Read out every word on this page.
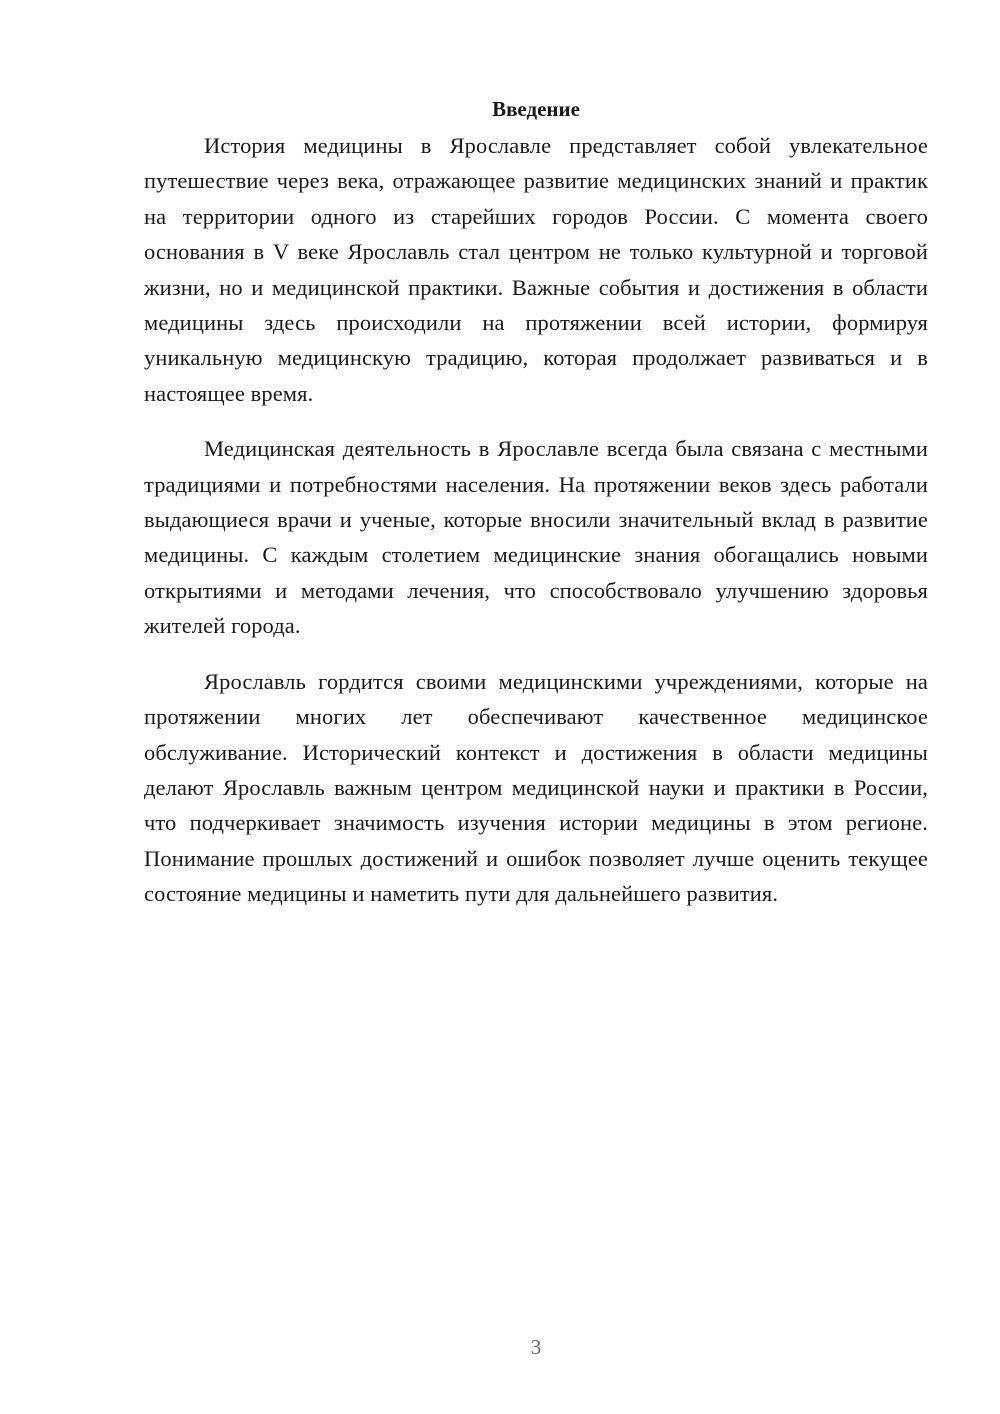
Введение

История медицины в Ярославле представляет собой увлекательное путешествие через века, отражающее развитие медицинских знаний и практик на территории одного из старейших городов России. С момента своего основания в V веке Ярославль стал центром не только культурной и торговой жизни, но и медицинской практики. Важные события и достижения в области медицины здесь происходили на протяжении всей истории, формируя уникальную медицинскую традицию, которая продолжает развиваться и в настоящее время.

Медицинская деятельность в Ярославле всегда была связана с местными традициями и потребностями населения. На протяжении веков здесь работали выдающиеся врачи и ученые, которые вносили значительный вклад в развитие медицины. С каждым столетием медицинские знания обогащались новыми открытиями и методами лечения, что способствовало улучшению здоровья жителей города.

Ярославль гордится своими медицинскими учреждениями, которые на протяжении многих лет обеспечивают качественное медицинское обслуживание. Исторический контекст и достижения в области медицины делают Ярославль важным центром медицинской науки и практики в России, что подчеркивает значимость изучения истории медицины в этом регионе. Понимание прошлых достижений и ошибок позволяет лучше оценить текущее состояние медицины и наметить пути для дальнейшего развития.

3
